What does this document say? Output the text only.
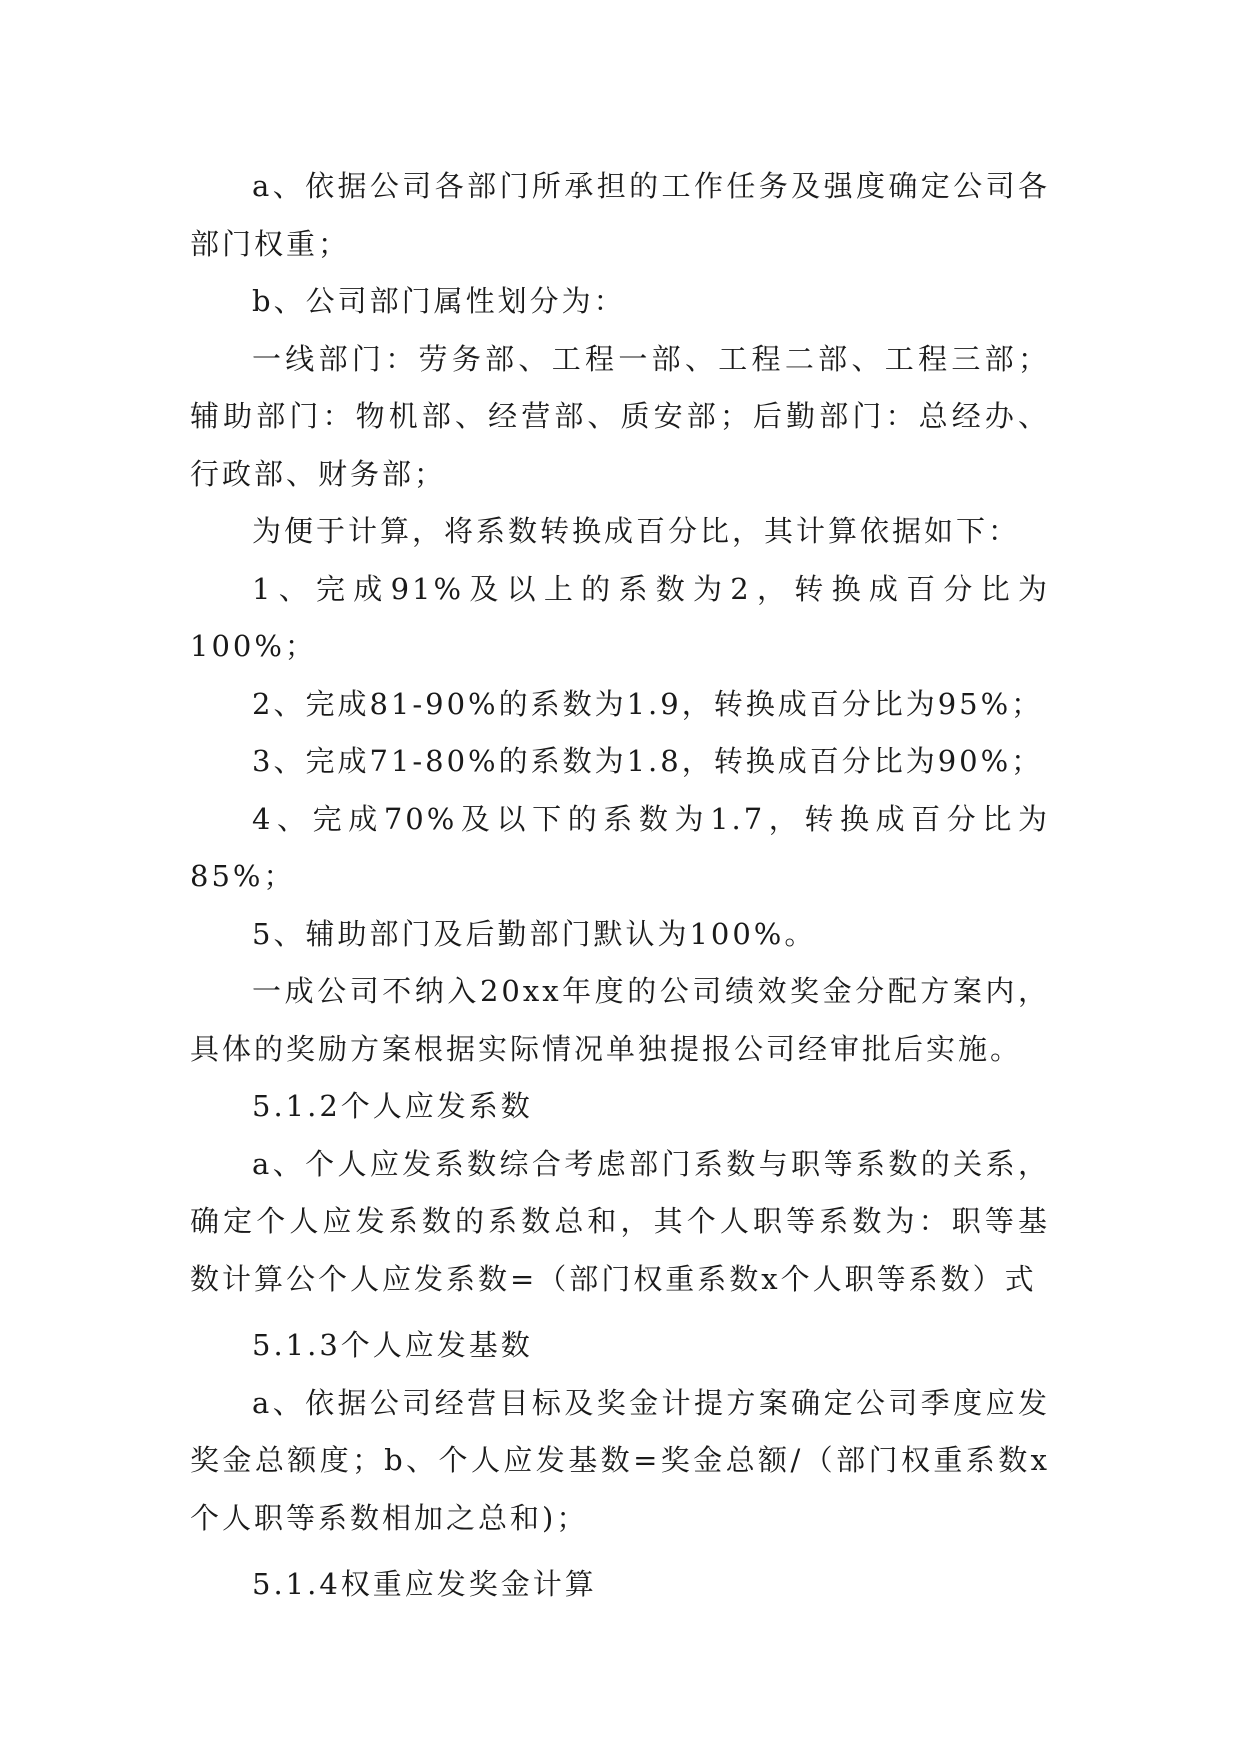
a、依据公司各部门所承担的工作任务及强度确定公司各部门权重；

b、公司部门属性划分为：

一线部门：劳务部、工程一部、工程二部、工程三部；辅助部门：物机部、经营部、质安部；后勤部门：总经办、行政部、财务部；

为便于计算，将系数转换成百分比，其计算依据如下：

1、完成91%及以上的系数为2，转换成百分比为100%；

2、完成81-90%的系数为1.9，转换成百分比为95%；

3、完成71-80%的系数为1.8，转换成百分比为90%；

4、完成70%及以下的系数为1.7，转换成百分比为85%；

5、辅助部门及后勤部门默认为100%。

一成公司不纳入20xx年度的公司绩效奖金分配方案内，具体的奖励方案根据实际情况单独提报公司经审批后实施。

5.1.2个人应发系数

a、个人应发系数综合考虑部门系数与职等系数的关系，确定个人应发系数的系数总和，其个人职等系数为：职等基数计算公个人应发系数=（部门权重系数x个人职等系数）式

5.1.3个人应发基数

a、依据公司经营目标及奖金计提方案确定公司季度应发奖金总额度；b、个人应发基数=奖金总额/（部门权重系数x个人职等系数相加之总和)；

5.1.4权重应发奖金计算
